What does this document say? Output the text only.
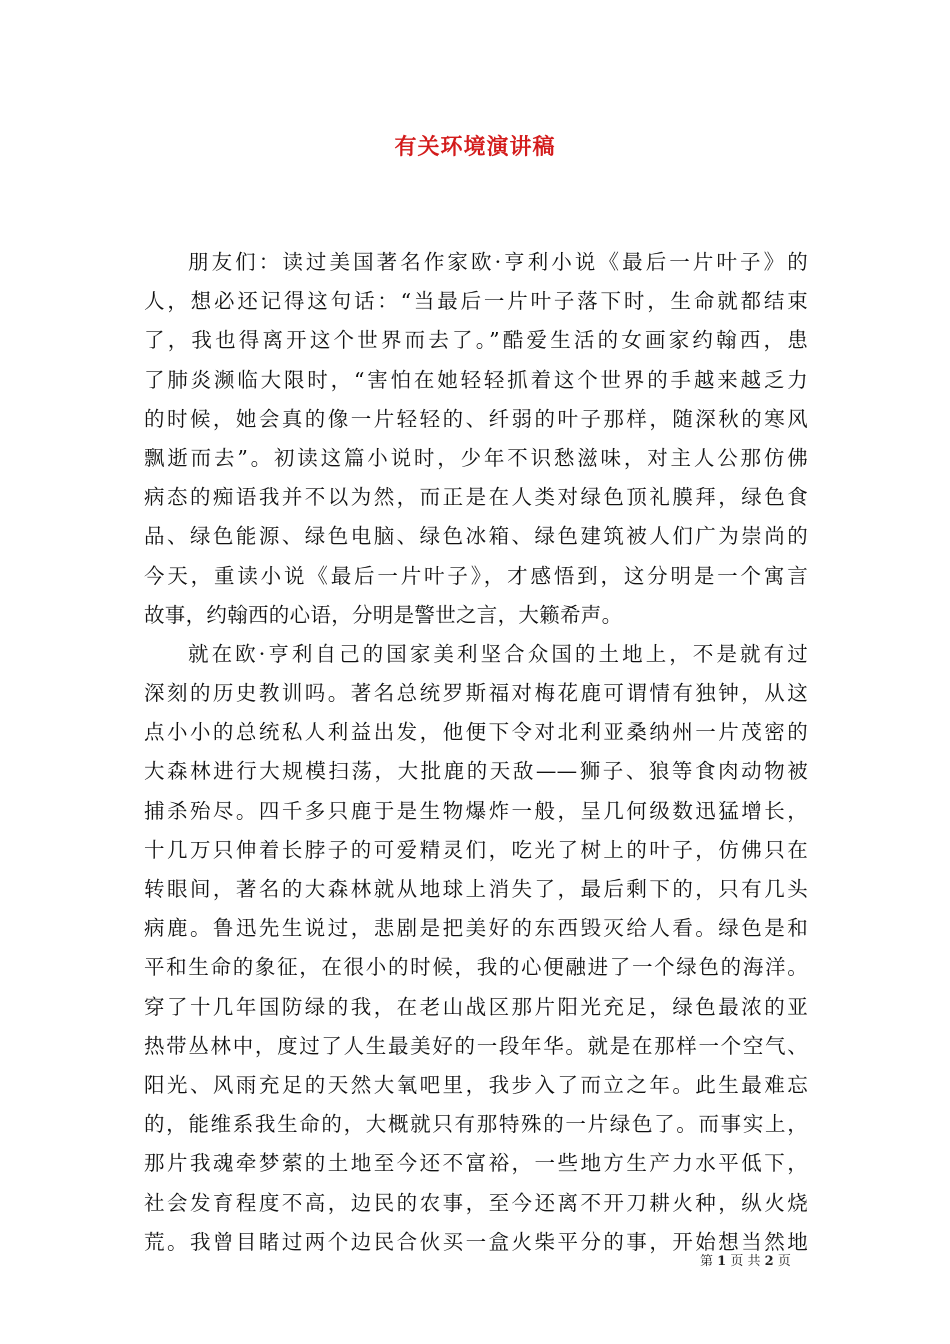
有关环境演讲稿
朋友们：读过美国著名作家欧·亨利小说《最后一片叶子》的
人，想必还记得这句话：“当最后一片叶子落下时，生命就都结束
了，我也得离开这个世界而去了。”酷爱生活的女画家约翰西，患
了肺炎濒临大限时，“害怕在她轻轻抓着这个世界的手越来越乏力
的时候，她会真的像一片轻轻的、纤弱的叶子那样，随深秋的寒风
飘逝而去”。初读这篇小说时，少年不识愁滋味，对主人公那仿佛
病态的痴语我并不以为然，而正是在人类对绿色顶礼膜拜，绿色食
品、绿色能源、绿色电脑、绿色冰箱、绿色建筑被人们广为崇尚的
今天，重读小说《最后一片叶子》，才感悟到，这分明是一个寓言
故事，约翰西的心语，分明是警世之言，大籁希声。
就在欧·亨利自己的国家美利坚合众国的土地上，不是就有过
深刻的历史教训吗。著名总统罗斯福对梅花鹿可谓情有独钟，从这
点小小的总统私人利益出发，他便下令对北利亚桑纳州一片茂密的
大森林进行大规模扫荡，大批鹿的天敌——狮子、狼等食肉动物被
捕杀殆尽。四千多只鹿于是生物爆炸一般，呈几何级数迅猛增长，
十几万只伸着长脖子的可爱精灵们，吃光了树上的叶子，仿佛只在
转眼间，著名的大森林就从地球上消失了，最后剩下的，只有几头
病鹿。鲁迅先生说过，悲剧是把美好的东西毁灭给人看。绿色是和
平和生命的象征，在很小的时候，我的心便融进了一个绿色的海洋。
穿了十几年国防绿的我，在老山战区那片阳光充足，绿色最浓的亚
热带丛林中，度过了人生最美好的一段年华。就是在那样一个空气、
阳光、风雨充足的天然大氧吧里，我步入了而立之年。此生最难忘
的，能维系我生命的，大概就只有那特殊的一片绿色了。而事实上，
那片我魂牵梦萦的土地至今还不富裕，一些地方生产力水平低下，
社会发育程度不高，边民的农事，至今还离不开刀耕火种，纵火烧
荒。我曾目睹过两个边民合伙买一盒火柴平分的事，开始想当然地
第 1 页 共 2 页
